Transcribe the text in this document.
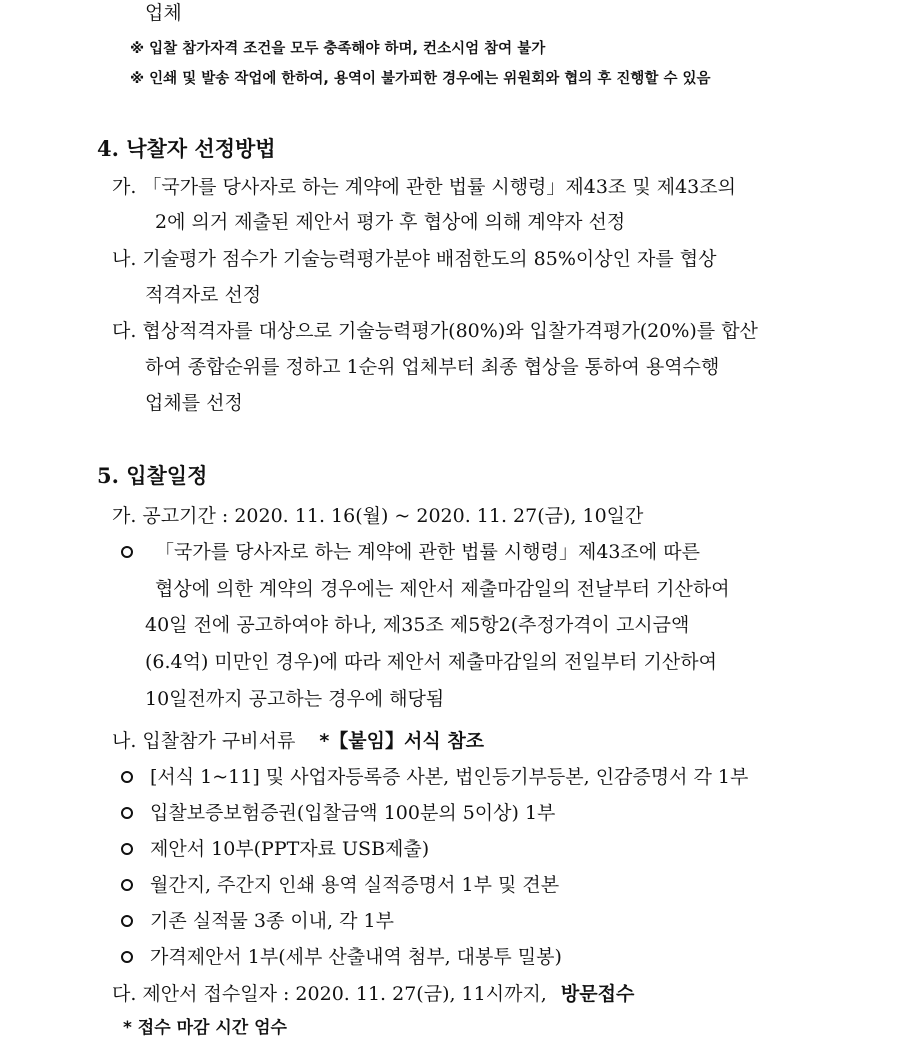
업체
※ 입찰 참가자격 조건을 모두 충족해야 하며, 컨소시엄 참여 불가
※ 인쇄 및 발송 작업에 한하여, 용역이 불가피한 경우에는 위원회와 협의 후 진행할 수 있음
4. 낙찰자 선정방법
가. 「국가를 당사자로 하는 계약에 관한 법률 시행령」제43조 및 제43조의
2에 의거 제출된 제안서 평가 후 협상에 의해 계약자 선정
나. 기술평가 점수가 기술능력평가분야 배점한도의 85%이상인 자를 협상
적격자로 선정
다. 협상적격자를 대상으로 기술능력평가(80%)와 입찰가격평가(20%)를 합산
하여 종합순위를 정하고 1순위 업체부터 최종 협상을 통하여 용역수행
업체를 선정
5. 입찰일정
가. 공고기간 : 2020. 11. 16(월) ~ 2020. 11. 27(금), 10일간
「국가를 당사자로 하는 계약에 관한 법률 시행령」제43조에 따른
협상에 의한 계약의 경우에는 제안서 제출마감일의 전날부터 기산하여
40일 전에 공고하여야 하나, 제35조 제5항2(추정가격이 고시금액
(6.4억) 미만인 경우)에 따라 제안서 제출마감일의 전일부터 기산하여
10일전까지 공고하는 경우에 해당됨
나. 입찰참가 구비서류 *【붙임】서식 참조
[서식 1~11] 및 사업자등록증 사본, 법인등기부등본, 인감증명서 각 1부
입찰보증보험증권(입찰금액 100분의 5이상) 1부
제안서 10부(PPT자료 USB제출)
월간지, 주간지 인쇄 용역 실적증명서 1부 및 견본
기존 실적물 3종 이내, 각 1부
가격제안서 1부(세부 산출내역 첨부, 대봉투 밀봉)
다. 제안서 접수일자 : 2020. 11. 27(금), 11시까지, 방문접수
* 접수 마감 시간 엄수
